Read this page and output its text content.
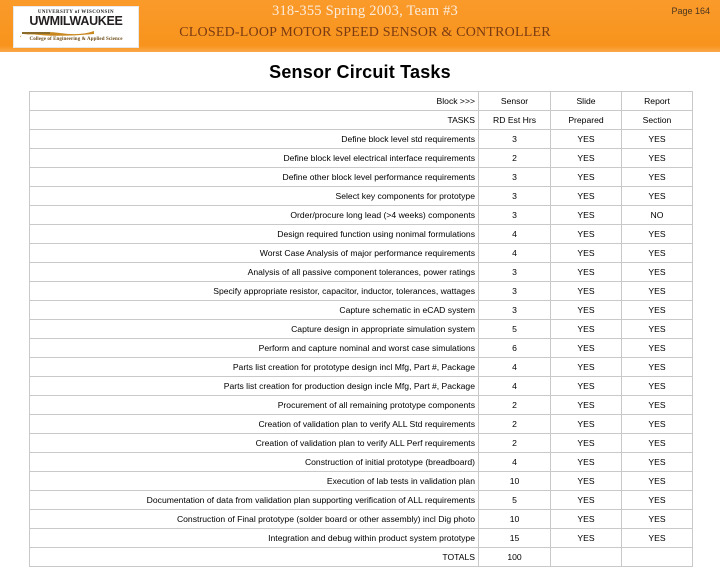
UNIVERSITY of WISCONSIN
UWMILWAUKEE
College of Engineering & Applied Science
318-355 Spring 2003, Team #3
CLOSED-LOOP MOTOR SPEED SENSOR & CONTROLLER
Page 164
Sensor Circuit Tasks
Block >>>	Sensor	Slide	Report
TASKS	RD Est Hrs	Prepared	Section
Define block level std requirements	3	YES	YES
Define block level electrical interface requirements	2	YES	YES
Define other block level performance requirements	3	YES	YES
Select key components for prototype	3	YES	YES
Order/procure long lead (>4 weeks) components	3	YES	NO
Design required function using nonimal formulations	4	YES	YES
Worst Case Analysis of major performance requirements	4	YES	YES
Analysis of all passive component tolerances, power ratings	3	YES	YES
Specify appropriate resistor, capacitor, inductor, tolerances, wattages	3	YES	YES
Capture schematic in eCAD system	3	YES	YES
Capture design in appropriate simulation system	5	YES	YES
Perform and capture nominal and worst case simulations	6	YES	YES
Parts list creation for prototype design incl Mfg, Part #, Package	4	YES	YES
Parts list creation for production design incle Mfg, Part #, Package	4	YES	YES
Procurement of all remaining prototype components	2	YES	YES
Creation of validation plan to verify ALL Std requirements	2	YES	YES
Creation of validation plan to verify ALL Perf requirements	2	YES	YES
Construction of initial prototype (breadboard)	4	YES	YES
Execution of lab tests in validation plan	10	YES	YES
Documentation of data from validation plan supporting verification of ALL requirements	5	YES	YES
Construction of Final prototype (solder board or other assembly) incl Dig photo	10	YES	YES
Integration and debug within product system prototype	15	YES	YES
TOTALS	100		
